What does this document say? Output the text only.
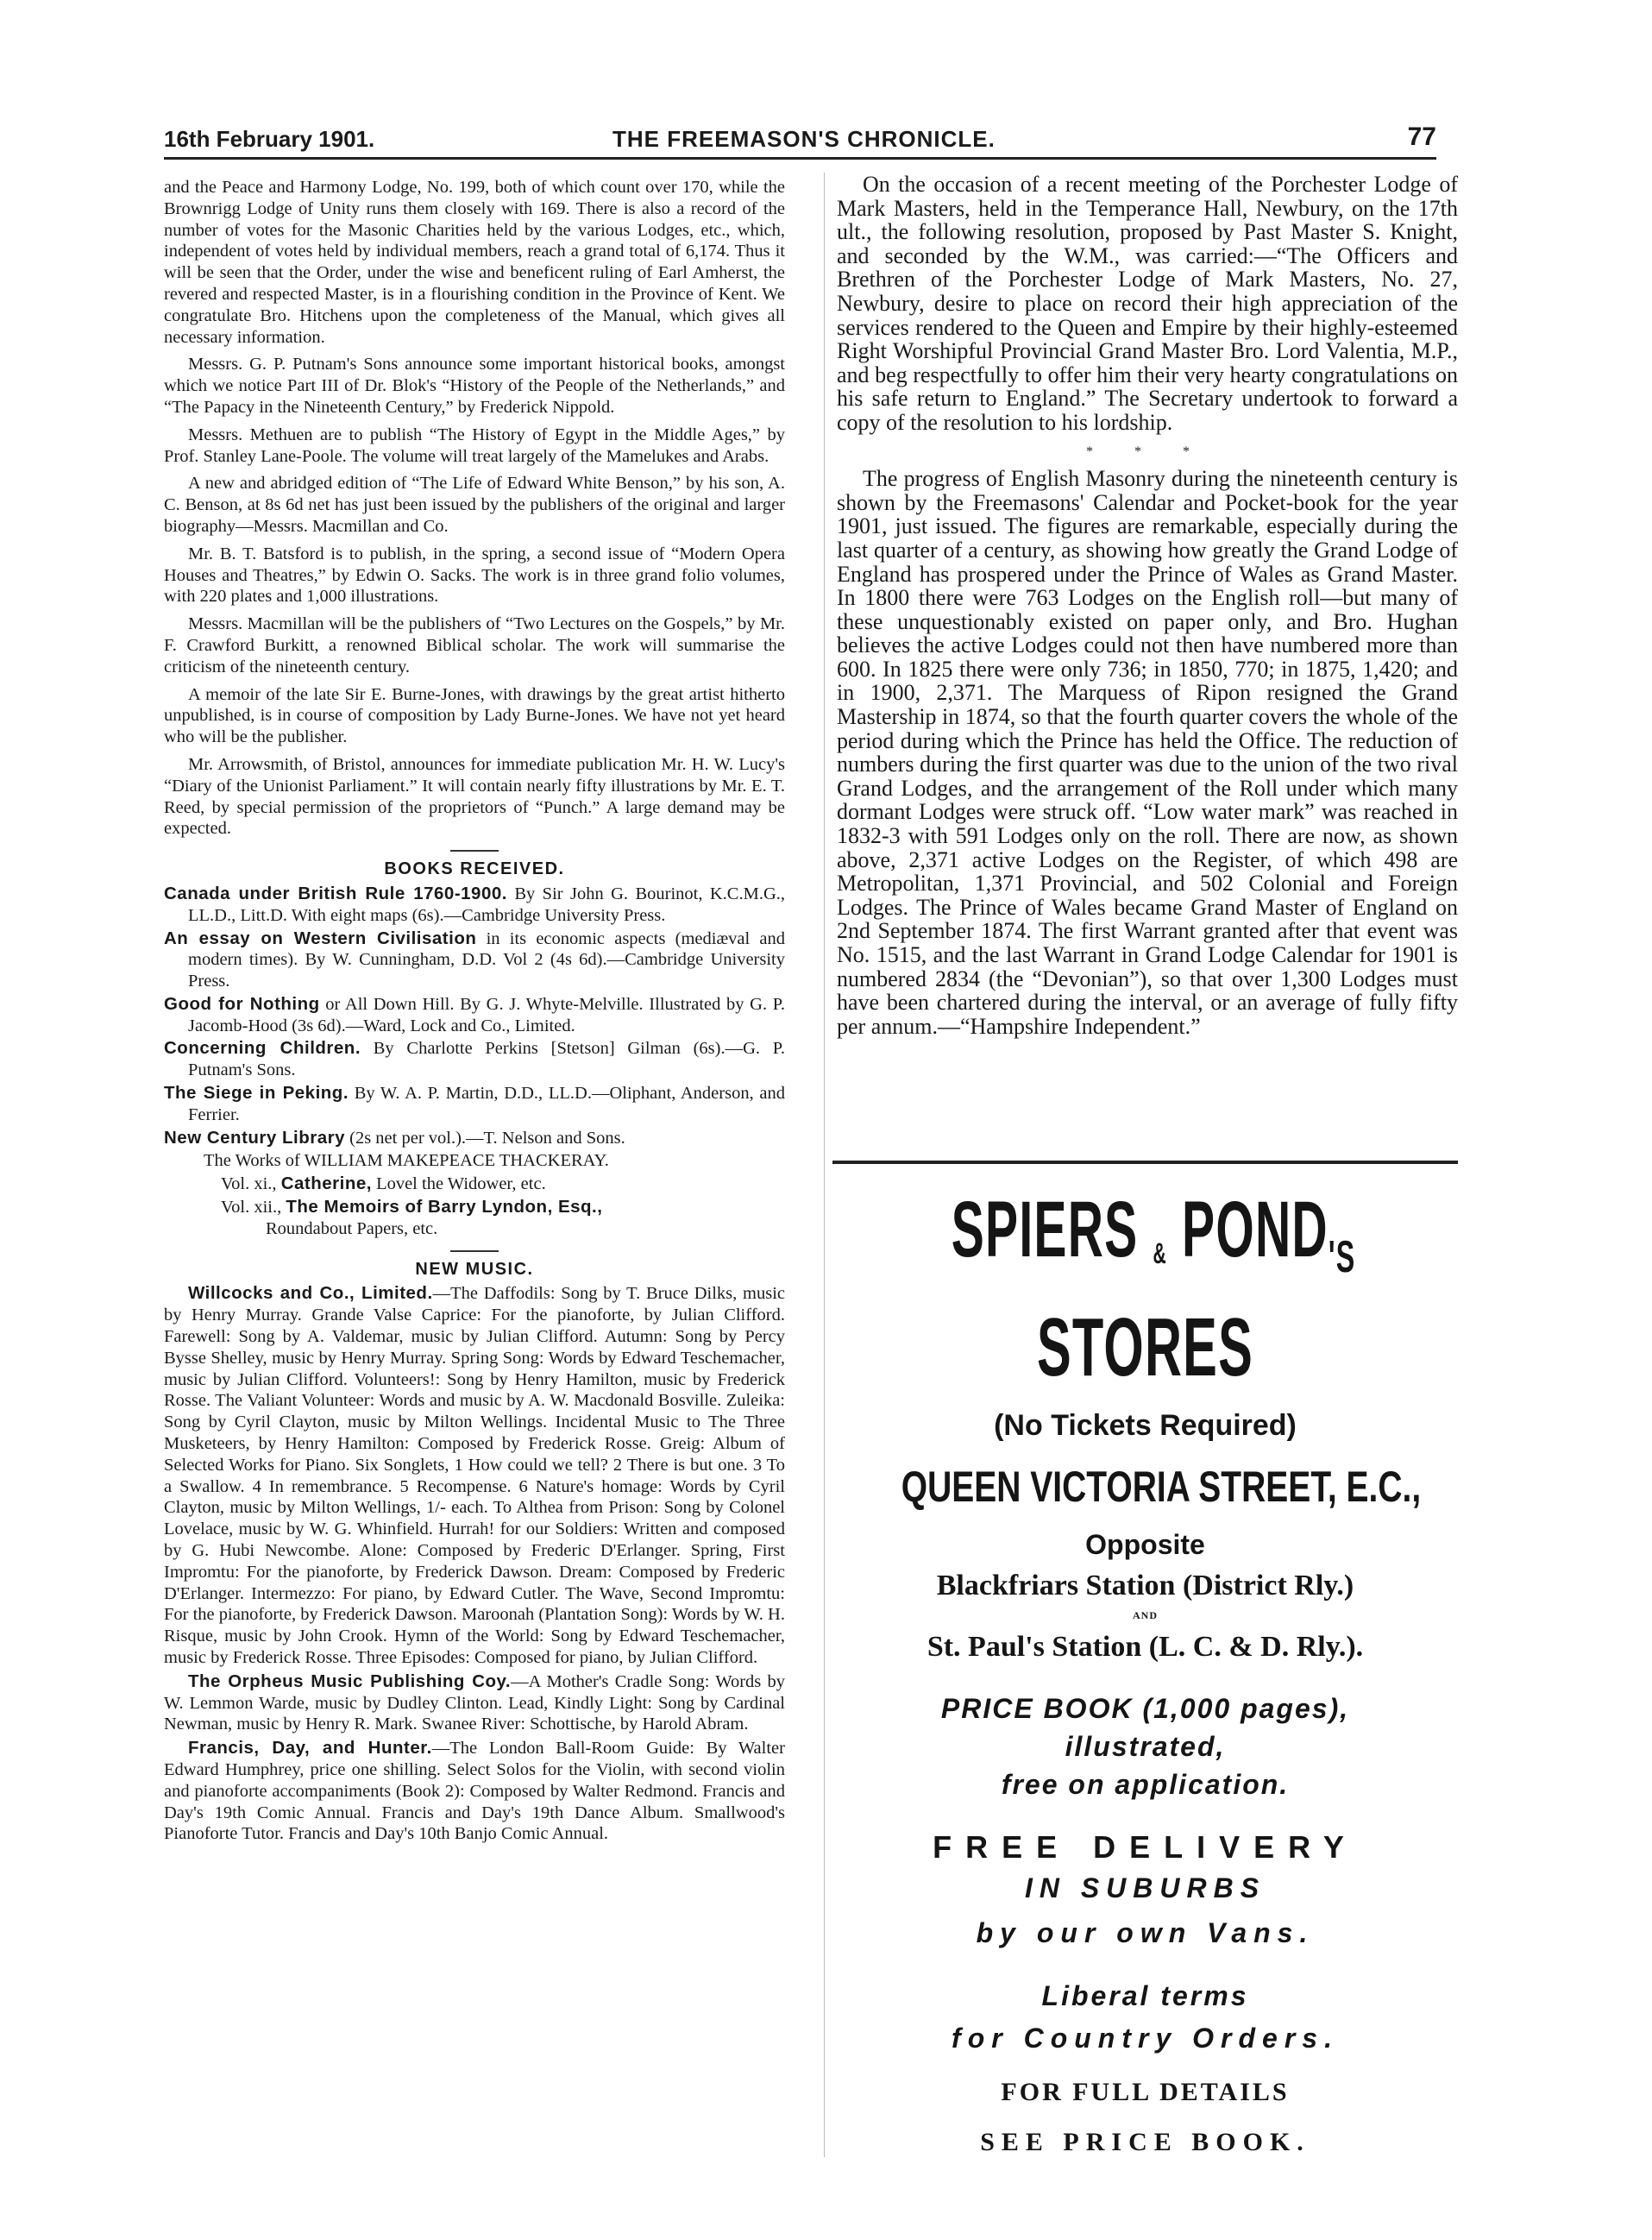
16th February 1901.	THE FREEMASON'S CHRONICLE.	77

and the Peace and Harmony Lodge, No. 199, both of which count over 170, while the Brownrigg Lodge of Unity runs them closely with 169. There is also a record of the number of votes for the Masonic Charities held by the various Lodges, etc., which, independent of votes held by individual members, reach a grand total of 6,174. Thus it will be seen that the Order, under the wise and beneficent ruling of Earl Amherst, the revered and respected Master, is in a flourishing condition in the Province of Kent. We congratulate Bro. Hitchens upon the completeness of the Manual, which gives all necessary information.

Messrs. G. P. Putnam's Sons announce some important historical books, amongst which we notice Part III of Dr. Blok's “History of the People of the Netherlands,” and “The Papacy in the Nineteenth Century,” by Frederick Nippold.

Messrs. Methuen are to publish “The History of Egypt in the Middle Ages,” by Prof. Stanley Lane-Poole. The volume will treat largely of the Mamelukes and Arabs.

A new and abridged edition of “The Life of Edward White Benson,” by his son, A. C. Benson, at 8s 6d net has just been issued by the publishers of the original and larger biography—Messrs. Macmillan and Co.

Mr. B. T. Batsford is to publish, in the spring, a second issue of “Modern Opera Houses and Theatres,” by Edwin O. Sacks. The work is in three grand folio volumes, with 220 plates and 1,000 illustrations.

Messrs. Macmillan will be the publishers of “Two Lectures on the Gospels,” by Mr. F. Crawford Burkitt, a renowned Biblical scholar. The work will summarise the criticism of the nineteenth century.

A memoir of the late Sir E. Burne-Jones, with drawings by the great artist hitherto unpublished, is in course of composition by Lady Burne-Jones. We have not yet heard who will be the publisher.

Mr. Arrowsmith, of Bristol, announces for immediate publication Mr. H. W. Lucy's “Diary of the Unionist Parliament.” It will contain nearly fifty illustrations by Mr. E. T. Reed, by special permission of the proprietors of “Punch.” A large demand may be expected.

BOOKS RECEIVED.
Canada under British Rule 1760-1900. By Sir John G. Bourinot, K.C.M.G., LL.D., Litt.D. With eight maps (6s).—Cambridge University Press.
An essay on Western Civilisation in its economic aspects (mediæval and modern times). By W. Cunningham, D.D. Vol 2 (4s 6d).—Cambridge University Press.
Good for Nothing or All Down Hill. By G. J. Whyte-Melville. Illustrated by G. P. Jacomb-Hood (3s 6d).—Ward, Lock and Co., Limited.
Concerning Children. By Charlotte Perkins [Stetson] Gilman (6s).—G. P. Putnam's Sons.
The Siege in Peking. By W. A. P. Martin, D.D., LL.D.—Oliphant, Anderson, and Ferrier.
New Century Library (2s net per vol.).—T. Nelson and Sons.
The Works of WILLIAM MAKEPEACE THACKERAY.
Vol. xi., Catherine, Lovel the Widower, etc.
Vol. xii., The Memoirs of Barry Lyndon, Esq.,
Roundabout Papers, etc.
NEW MUSIC.

Willcocks and Co., Limited.—The Daffodils: Song by T. Bruce Dilks, music by Henry Murray. Grande Valse Caprice: For the pianoforte, by Julian Clifford. Farewell: Song by A. Valdemar, music by Julian Clifford. Autumn: Song by Percy Bysse Shelley, music by Henry Murray. Spring Song: Words by Edward Teschemacher, music by Julian Clifford. Volunteers!: Song by Henry Hamilton, music by Frederick Rosse. The Valiant Volunteer: Words and music by A. W. Macdonald Bosville. Zuleika: Song by Cyril Clayton, music by Milton Wellings. Incidental Music to The Three Musketeers, by Henry Hamilton: Composed by Frederick Rosse. Greig: Album of Selected Works for Piano. Six Songlets, 1 How could we tell? 2 There is but one. 3 To a Swallow. 4 In remembrance. 5 Recompense. 6 Nature's homage: Words by Cyril Clayton, music by Milton Wellings, 1/- each. To Althea from Prison: Song by Colonel Lovelace, music by W. G. Whinfield. Hurrah! for our Soldiers: Written and composed by G. Hubi Newcombe. Alone: Composed by Frederic D'Erlanger. Spring, First Impromtu: For the pianoforte, by Frederick Dawson. Dream: Composed by Frederic D'Erlanger. Intermezzo: For piano, by Edward Cutler. The Wave, Second Impromtu: For the pianoforte, by Frederick Dawson. Maroonah (Plantation Song): Words by W. H. Risque, music by John Crook. Hymn of the World: Song by Edward Teschemacher, music by Frederick Rosse. Three Episodes: Composed for piano, by Julian Clifford.

The Orpheus Music Publishing Coy.—A Mother's Cradle Song: Words by W. Lemmon Warde, music by Dudley Clinton. Lead, Kindly Light: Song by Cardinal Newman, music by Henry R. Mark. Swanee River: Schottische, by Harold Abram.

Francis, Day, and Hunter.—The London Ball-Room Guide: By Walter Edward Humphrey, price one shilling. Select Solos for the Violin, with second violin and pianoforte accompaniments (Book 2): Composed by Walter Redmond. Francis and Day's 19th Comic Annual. Francis and Day's 19th Dance Album. Smallwood's Pianoforte Tutor. Francis and Day's 10th Banjo Comic Annual.

On the occasion of a recent meeting of the Porchester Lodge of Mark Masters, held in the Temperance Hall, Newbury, on the 17th ult., the following resolution, proposed by Past Master S. Knight, and seconded by the W.M., was carried:—“The Officers and Brethren of the Porchester Lodge of Mark Masters, No. 27, Newbury, desire to place on record their high appreciation of the services rendered to the Queen and Empire by their highly-esteemed Right Worshipful Provincial Grand Master Bro. Lord Valentia, M.P., and beg respectfully to offer him their very hearty congratulations on his safe return to England.” The Secretary undertook to forward a copy of the resolution to his lordship.

* * *

The progress of English Masonry during the nineteenth century is shown by the Freemasons' Calendar and Pocket-book for the year 1901, just issued. The figures are remarkable, especially during the last quarter of a century, as showing how greatly the Grand Lodge of England has prospered under the Prince of Wales as Grand Master. In 1800 there were 763 Lodges on the English roll—but many of these unquestionably existed on paper only, and Bro. Hughan believes the active Lodges could not then have numbered more than 600. In 1825 there were only 736; in 1850, 770; in 1875, 1,420; and in 1900, 2,371. The Marquess of Ripon resigned the Grand Mastership in 1874, so that the fourth quarter covers the whole of the period during which the Prince has held the Office. The reduction of numbers during the first quarter was due to the union of the two rival Grand Lodges, and the arrangement of the Roll under which many dormant Lodges were struck off. “Low water mark” was reached in 1832-3 with 591 Lodges only on the roll. There are now, as shown above, 2,371 active Lodges on the Register, of which 498 are Metropolitan, 1,371 Provincial, and 502 Colonial and Foreign Lodges. The Prince of Wales became Grand Master of England on 2nd September 1874. The first Warrant granted after that event was No. 1515, and the last Warrant in Grand Lodge Calendar for 1901 is numbered 2834 (the “Devonian”), so that over 1,300 Lodges must have been chartered during the interval, or an average of fully fifty per annum.—“Hampshire Independent.”

SPIERS & $POND_{'S}$
STORES
(No Tickets Required)
QUEEN VICTORIA STREET, E.C.,
Opposite
Blackfriars Station (District Rly.)
AND
St. Paul's Station (L. C. & D. Rly.).
PRICE BOOK (1,000 pages),
illustrated,
free on application.
FREE DELIVERY
IN SUBURBS
by our own Vans.
Liberal terms
for Country Orders.
FOR FULL DETAILS
SEE PRICE BOOK.
